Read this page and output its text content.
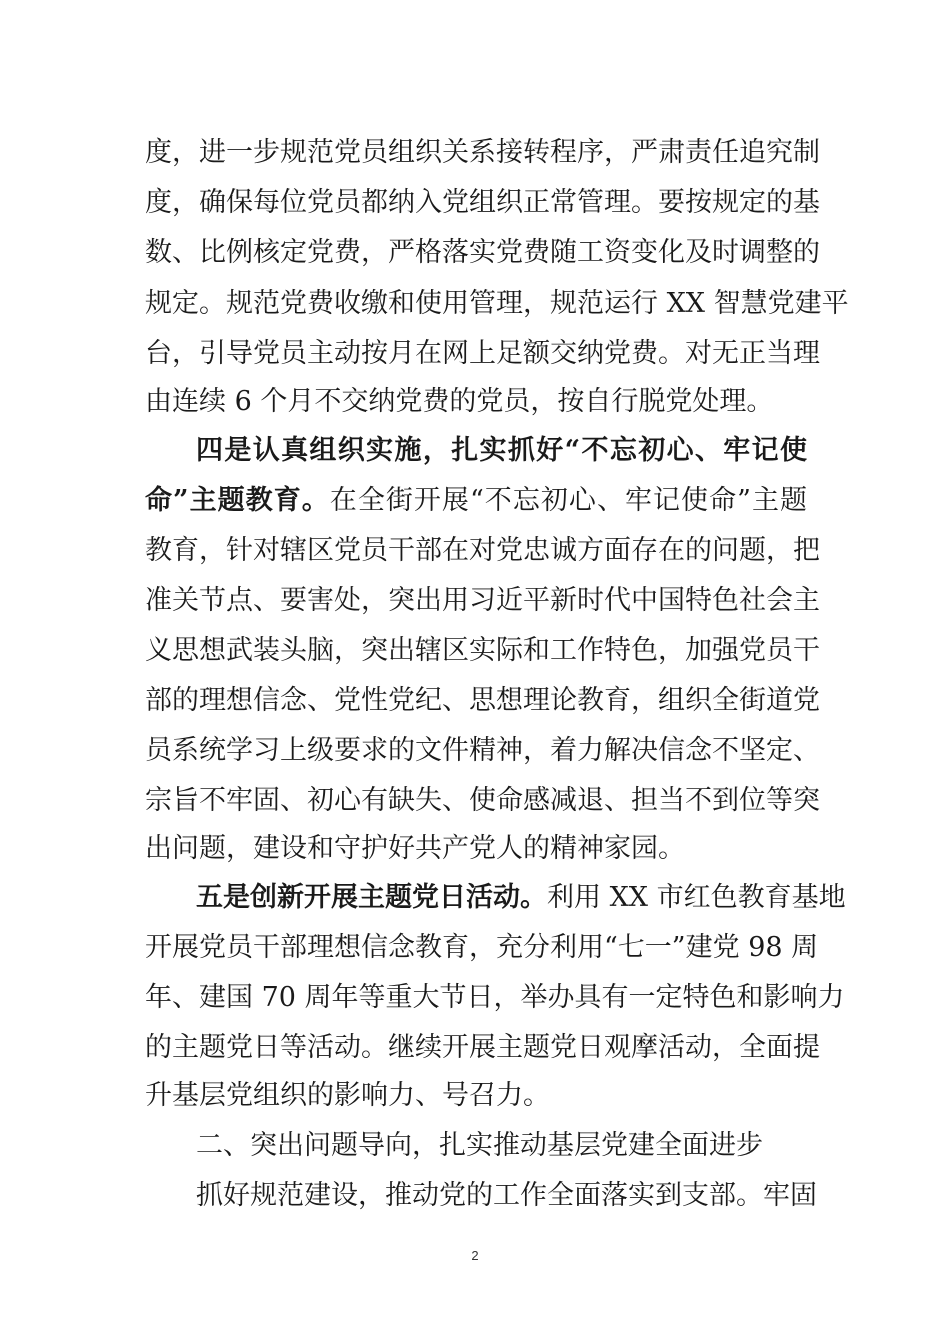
度，进一步规范党员组织关系接转程序，严肃责任追究制
度，确保每位党员都纳入党组织正常管理。要按规定的基
数、比例核定党费，严格落实党费随工资变化及时调整的
规定。规范党费收缴和使用管理，规范运行 XX 智慧党建平
台，引导党员主动按月在网上足额交纳党费。对无正当理
由连续 6 个月不交纳党费的党员，按自行脱党处理。
四是认真组织实施，扎实抓好“不忘初心、牢记使
命”主题教育。在全街开展“不忘初心、牢记使命”主题
教育，针对辖区党员干部在对党忠诚方面存在的问题，把
准关节点、要害处，突出用习近平新时代中国特色社会主
义思想武装头脑，突出辖区实际和工作特色，加强党员干
部的理想信念、党性党纪、思想理论教育，组织全街道党
员系统学习上级要求的文件精神，着力解决信念不坚定、
宗旨不牢固、初心有缺失、使命感减退、担当不到位等突
出问题，建设和守护好共产党人的精神家园。
五是创新开展主题党日活动。利用 XX 市红色教育基地
开展党员干部理想信念教育，充分利用“七一”建党 98 周
年、建国 70 周年等重大节日，举办具有一定特色和影响力
的主题党日等活动。继续开展主题党日观摩活动，全面提
升基层党组织的影响力、号召力。
二、突出问题导向，扎实推动基层党建全面进步
抓好规范建设，推动党的工作全面落实到支部。牢固
2
